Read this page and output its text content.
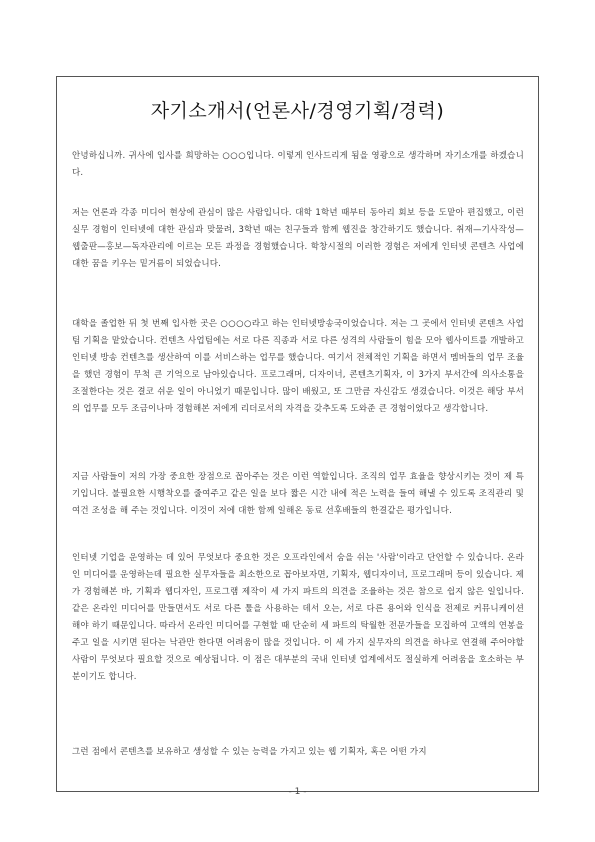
자기소개서(언론사/경영기획/경력)

안녕하십니까. 귀사에 입사를 희망하는 ○○○입니다. 이렇게 인사드리게 됨을 영광으로 생각하며 자기소개를 하겠습니다.

저는 언론과 각종 미디어 현상에 관심이 많은 사람입니다. 대학 1학년 때부터 동아리 회보 등을 도맡아 편집했고, 이런 실무 경험이 인터넷에 대한 관심과 맞물려, 3학년 때는 친구들과 함께 웹진을 창간하기도 했습니다. 취재—기사작성—웹출판—홍보—독자관리에 이르는 모든 과정을 경험했습니다. 학창시절의 이러한 경험은 저에게 인터넷 콘텐츠 사업에 대한 꿈을 키우는 밑거름이 되었습니다.

대학을 졸업한 뒤 첫 번째 입사한 곳은 ○○○○라고 하는 인터넷방송국이었습니다. 저는 그 곳에서 인터넷 콘텐츠 사업팀 기획을 맡았습니다. 컨텐츠 사업팀에는 서로 다른 직종과 서로 다른 성격의 사람들이 힘을 모아 웹사이트를 개발하고 인터넷 방송 컨텐츠를 생산하여 이를 서비스하는 업무를 했습니다. 여기서 전체적인 기획을 하면서 멤버들의 업무 조율을 했던 경험이 무척 큰 기억으로 남아있습니다. 프로그래머, 디자이너, 콘텐츠기획자, 이 3가지 부서간에 의사소통을 조절한다는 것은 결코 쉬운 일이 아니었기 때문입니다. 많이 배웠고, 또 그만큼 자신감도 생겼습니다. 이것은 해당 부서의 업무를 모두 조금이나마 경험해본 저에게 리더로서의 자격을 갖추도록 도와준 큰 경험이었다고 생각합니다.

지금 사람들이 저의 가장 중요한 장점으로 꼽아주는 것은 이런 역할입니다. 조직의 업무 효율을 향상시키는 것이 제 특기입니다. 불필요한 시행착오를 줄여주고 같은 일을 보다 짧은 시간 내에 적은 노력을 들여 해낼 수 있도록 조직관리 및 여건 조성을 해 주는 것입니다. 이것이 저에 대한 함께 일해온 동료 선후배들의 한결같은 평가입니다.

인터넷 기업을 운영하는 데 있어 무엇보다 중요한 것은 오프라인에서 숨을 쉬는 '사람'이라고 단언할 수 있습니다. 온라인 미디어를 운영하는데 필요한 실무자들을 최소한으로 꼽아보자면, 기획자, 웹디자이너, 프로그래머 등이 있습니다. 제가 경험해본 바, 기획과 웹디자인, 프로그램 제작이 세 가지 파트의 의견을 조율하는 것은 참으로 쉽지 않은 일입니다. 같은 온라인 미디어를 만들면서도 서로 다른 툴을 사용하는 데서 오는, 서로 다른 용어와 인식을 전제로 커뮤니케이션 해야 하기 때문입니다. 따라서 온라인 미디어를 구현할 때 단순히 세 파트의 탁월한 전문가들을 모집하여 고액의 연봉을 주고 일을 시키면 된다는 낙관만 한다면 어려움이 많을 것입니다. 이 세 가지 실무자의 의견을 하나로 연결해 주어야할 사람이 무엇보다 필요할 것으로 예상됩니다. 이 점은 대부분의 국내 인터넷 업계에서도 절실하게 어려움을 호소하는 부분이기도 합니다.

그런 점에서 콘텐츠를 보유하고 생성할 수 있는 능력을 가지고 있는 웹 기획자, 혹은 어떤 가지

- 1 -
